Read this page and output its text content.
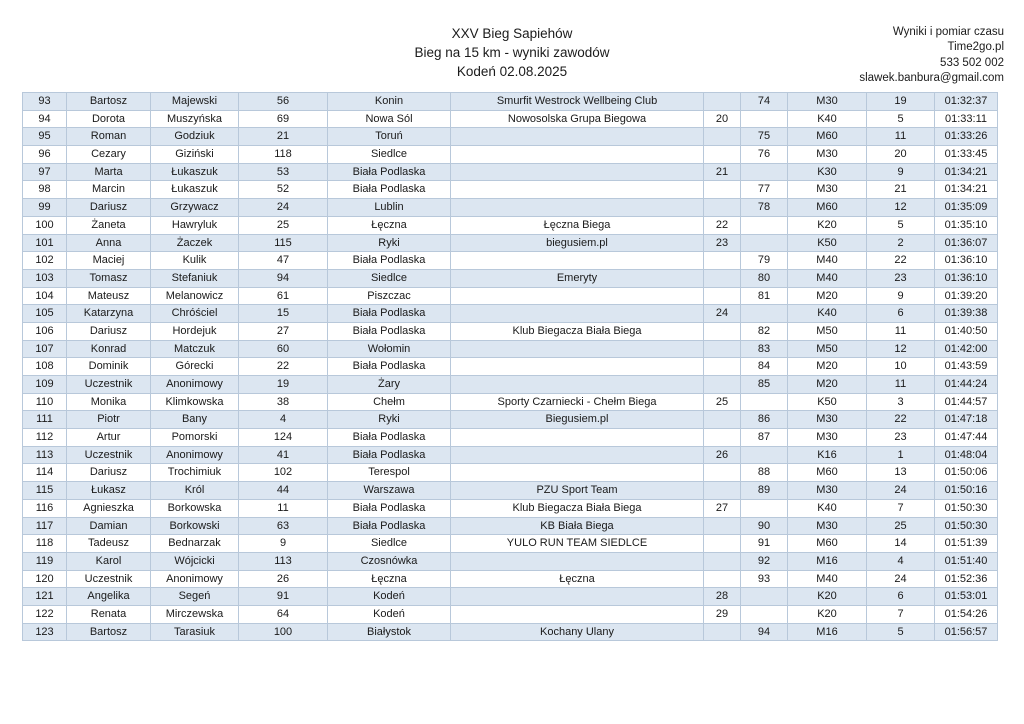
XXV Bieg Sapiehów
Bieg na 15 km - wyniki zawodów
Kodeń 02.08.2025
Wyniki i pomiar czasu
Time2go.pl
533 502 002
slawek.banbura@gmail.com
93	Bartosz	Majewski	56	Konin	Smurfit Westrock Wellbeing Club		74	M30	19	01:32:37
94	Dorota	Muszyńska	69	Nowa Sól	Nowosolska Grupa Biegowa	20		K40	5	01:33:11
95	Roman	Godziuk	21	Toruń			75	M60	11	01:33:26
96	Cezary	Giziński	118	Siedlce			76	M30	20	01:33:45
97	Marta	Łukaszuk	53	Biała Podlaska		21		K30	9	01:34:21
98	Marcin	Łukaszuk	52	Biała Podlaska			77	M30	21	01:34:21
99	Dariusz	Grzywacz	24	Lublin			78	M60	12	01:35:09
100	Żaneta	Hawryluk	25	Łęczna	Łęczna Biega	22		K20	5	01:35:10
101	Anna	Żaczek	115	Ryki	biegusiem.pl	23		K50	2	01:36:07
102	Maciej	Kulik	47	Biała Podlaska			79	M40	22	01:36:10
103	Tomasz	Stefaniuk	94	Siedlce	Emeryty		80	M40	23	01:36:10
104	Mateusz	Melanowicz	61	Piszczac			81	M20	9	01:39:20
105	Katarzyna	Chróściel	15	Biała Podlaska		24		K40	6	01:39:38
106	Dariusz	Hordejuk	27	Biała Podlaska	Klub Biegacza Biała Biega		82	M50	11	01:40:50
107	Konrad	Matczuk	60	Wołomin			83	M50	12	01:42:00
108	Dominik	Górecki	22	Biała Podlaska			84	M20	10	01:43:59
109	Uczestnik	Anonimowy	19	Żary			85	M20	11	01:44:24
110	Monika	Klimkowska	38	Chełm	Sporty Czarniecki - Chełm Biega	25		K50	3	01:44:57
111	Piotr	Bany	4	Ryki	Biegusiem.pl		86	M30	22	01:47:18
112	Artur	Pomorski	124	Biała Podlaska			87	M30	23	01:47:44
113	Uczestnik	Anonimowy	41	Biała Podlaska		26		K16	1	01:48:04
114	Dariusz	Trochimiuk	102	Terespol			88	M60	13	01:50:06
115	Łukasz	Król	44	Warszawa	PZU Sport Team		89	M30	24	01:50:16
116	Agnieszka	Borkowska	11	Biała Podlaska	Klub Biegacza Biała Biega	27		K40	7	01:50:30
117	Damian	Borkowski	63	Biała Podlaska	KB Biała Biega		90	M30	25	01:50:30
118	Tadeusz	Bednarzak	9	Siedlce	YULO RUN TEAM SIEDLCE		91	M60	14	01:51:39
119	Karol	Wójcicki	113	Czosnówka			92	M16	4	01:51:40
120	Uczestnik	Anonimowy	26	Łęczna	Łęczna		93	M40	24	01:52:36
121	Angelika	Segeń	91	Kodeń		28		K20	6	01:53:01
122	Renata	Mirczewska	64	Kodeń		29		K20	7	01:54:26
123	Bartosz	Tarasiuk	100	Białystok	Kochany Ulany		94	M16	5	01:56:57
